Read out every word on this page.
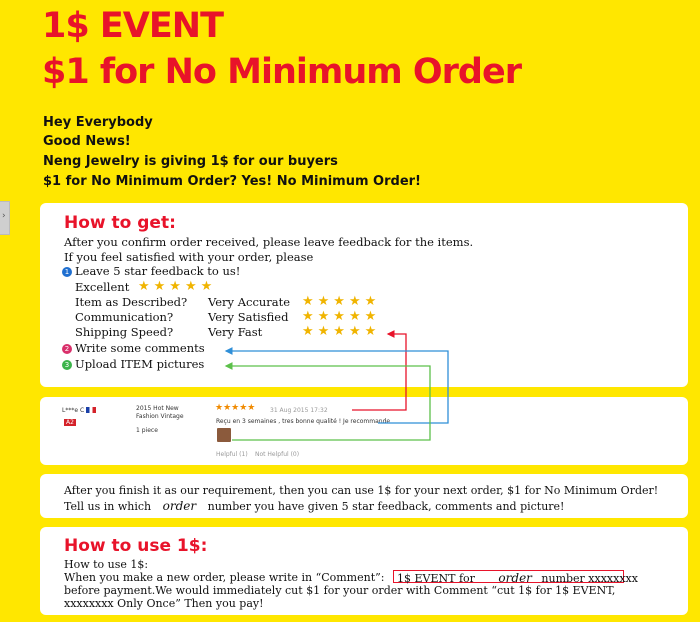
1$ EVENT
$1 for No Minimum Order
Hey Everybody
Good News!
Neng Jewelry is giving 1$ for our buyers
$1 for No Minimum Order? Yes! No Minimum Order!
›	How to get:
After you confirm order received, please leave feedback for the items.
If you feel satisfied with your order, please
1 Leave 5 star feedback to us!
Excellent ★★★★★
Item as Described? Very Accurate ★★★★★
Communication?	Very Satisfied ★★★★★
Shipping Speed?	Very Fast	★★★★★
2 Write some comments
3 Upload ITEM pictures
L***e C
A2
2015 Hot New
Fashion Vintage
1 piece
★★★★★ 31 Aug 2015 17:32
Reçu en 3 semaines , tres bonne qualité ! Je recommande
Helpful (1) Not Helpful (0)
After you finish it as our requirement, then you can use 1$ for your next order, $1 for No Minimum Order!
Tell us in which order number you have given 5 star feedback, comments and picture!
How to use 1$:
How to use 1$:
When you make a new order, please write in “Comment”: 1$ EVENT for order number xxxxxxxx
before payment.We would immediately cut $1 for your order with Comment “cut 1$ for 1$ EVENT,
xxxxxxxx Only Once” Then you pay!
